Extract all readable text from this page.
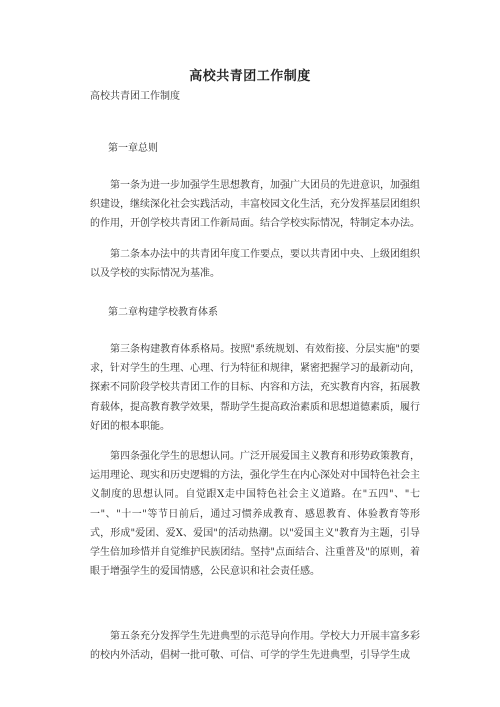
高校共青团工作制度
高校共青团工作制度
第一章总则
第一条为进一步加强学生思想教育，加强广大团员的先进意识，加强组织建设，继续深化社会实践活动，丰富校园文化生活，充分发挥基层团组织的作用，开创学校共青团工作新局面。结合学校实际情况，特制定本办法。
第二条本办法中的共青团年度工作要点，要以共青团中央、上级团组织以及学校的实际情况为基准。
第二章构建学校教育体系
第三条构建教育体系格局。按照"系统规划、有效衔接、分层实施"的要求，针对学生的生理、心理、行为特征和规律，紧密把握学习的最新动向，探索不同阶段学校共青团工作的目标、内容和方法，充实教育内容，拓展教育载体，提高教育教学效果，帮助学生提高政治素质和思想道德素质，履行好团的根本职能。
第四条强化学生的思想认同。广泛开展爱国主义教育和形势政策教育，运用理论、现实和历史逻辑的方法，强化学生在内心深处对中国特色社会主义制度的思想认同。自觉跟X走中国特色社会主义道路。在"五四"、"七一"、"十一"等节日前后，通过习惯养成教育、感恩教育、体验教育等形式，形成"爱团、爱X、爱国"的活动热潮。以"爱国主义"教育为主题，引导学生倍加珍惜并自觉维护民族团结。坚持"点面结合、注重普及"的原则，着眼于增强学生的爱国情感，公民意识和社会责任感。
第五条充分发挥学生先进典型的示范导向作用。学校大力开展丰富多彩的校内外活动，倡树一批可敬、可信、可学的学生先进典型，引导学生成
